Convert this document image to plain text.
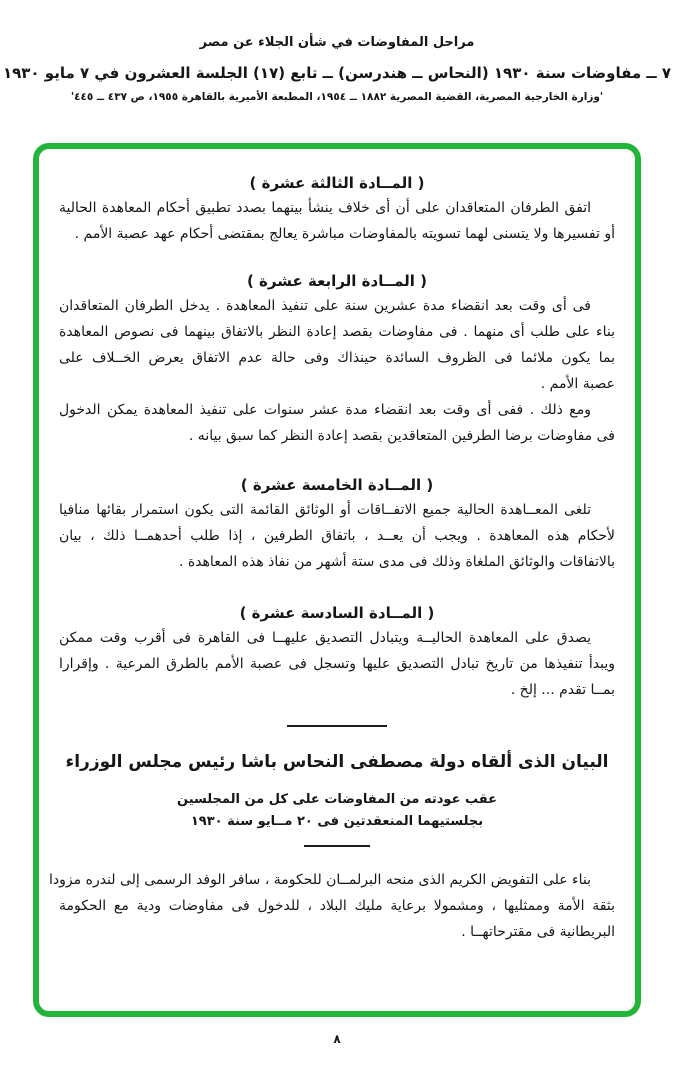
مراحل المفاوضات في شأن الجلاء عن مصر
٧ ــ مفاوضات سنة ١٩٣٠ (النحاس ــ هندرسن) ــ تابع (١٧) الجلسة العشرون في ٧ مايو ١٩٣٠
'وزارة الخارجية المصرية، القضية المصرية ١٨٨٢ ــ ١٩٥٤، المطبعة الأميرية بالقاهرة ١٩٥٥، ص ٤٣٧ ــ ٤٤٥'
( المــادة الثالثة عشرة )
اتفق الطرفان المتعاقدان على أن أى خلاف ينشأ بينهما بصدد تطبيق أحكام المعاهدة الحالية
أو تفسيرها ولا يتسنى لهما تسويته بالمفاوضات مباشرة يعالج بمقتضى أحكام عهد عصبة الأمم .
( المــادة الرابعة عشرة )
فى أى وقت بعد انقضاء مدة عشرين سنة على تنفيذ المعاهدة . يدخل الطرفان المتعاقدان
بناء على طلب أى منهما . فى مفاوضات بقصد إعادة النظر بالاتفاق بينهما فى نصوص المعاهدة
بما يكون ملائما فى الظروف السائدة حينذاك وفى حالة عدم الاتفاق يعرض الخــلاف على
عصبة الأمم .
ومع ذلك . ففى أى وقت بعد انقضاء مدة عشر سنوات على تنفيذ المعاهدة يمكن الدخول
فى مفاوضات برضا الطرفين المتعاقدين بقصد إعادة النظر كما سبق بيانه .
( المــادة الخامسة عشرة )
تلغى المعــاهدة الحالية جميع الاتفــاقات أو الوثائق القائمة التى يكون استمرار بقائها منافيا
لأحكام هذه المعاهدة . ويجب أن يعــد ، باتفاق الطرفين ، إذا طلب أحدهمــا ذلك ، بيان
بالاتفاقات والوثائق الملغاة وذلك فى مدى ستة أشهر من نفاذ هذه المعاهدة .
( المــادة السادسة عشرة )
يصدق على المعاهدة الحاليــة ويتبادل التصديق عليهــا فى القاهرة فى أقرب وقت ممكن
ويبدأ تنفيذها من تاريخ تبادل التصديق عليها وتسجل فى عصبة الأمم بالطرق المرعية . وإقرارا
بمــا تقدم ... إلخ .
البيان الذى ألقاه دولة مصطفى النحاس باشا رئيس مجلس الوزراء
عقب عودته من المفاوضات على كل من المجلسين
بجلستيهما المنعقدتين فى ٢٠ مــايو سنة ١٩٣٠
بناء على التفويض الكريم الذى منحه البرلمــان للحكومة ، سافر الوفد الرسمى إلى لندره مزودا
بثقة الأمة وممثليها ، ومشمولا برعاية مليك البلاد ، للدخول فى مفاوضات ودية مع الحكومة
البريطانية فى مقترحاتهــا .
٨
